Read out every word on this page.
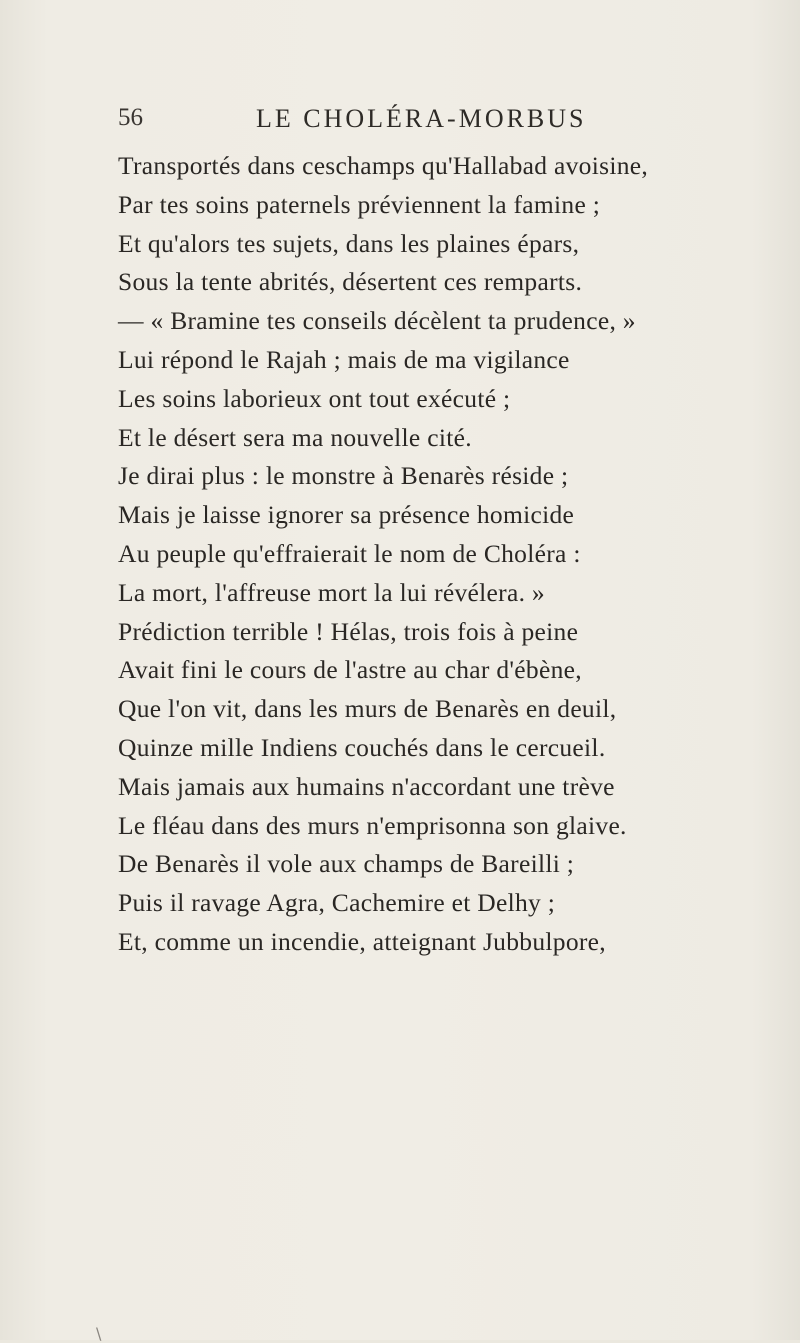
56	LE CHOLÉRA-MORBUS
Transportés dans ceschamps qu'Hallabad avoisine,
Par tes soins paternels préviennent la famine ;
Et qu'alors tes sujets, dans les plaines épars,
Sous la tente abrités, désertent ces remparts.
— « Bramine tes conseils décèlent ta prudence, »
Lui répond le Rajah ; mais de ma vigilance
Les soins laborieux ont tout exécuté ;
Et le désert sera ma nouvelle cité.
Je dirai plus : le monstre à Benarès réside ;
Mais je laisse ignorer sa présence homicide
Au peuple qu'effraierait le nom de Choléra :
La mort, l'affreuse mort la lui révélera. »
Prédiction terrible ! Hélas, trois fois à peine
Avait fini le cours de l'astre au char d'ébène,
Que l'on vit, dans les murs de Benarès en deuil,
Quinze mille Indiens couchés dans le cercueil.
Mais jamais aux humains n'accordant une trève
Le fléau dans des murs n'emprisonna son glaive.
De Benarès il vole aux champs de Bareilli ;
Puis il ravage Agra, Cachemire et Delhy ;
Et, comme un incendie, atteignant Jubbulpore,
\
